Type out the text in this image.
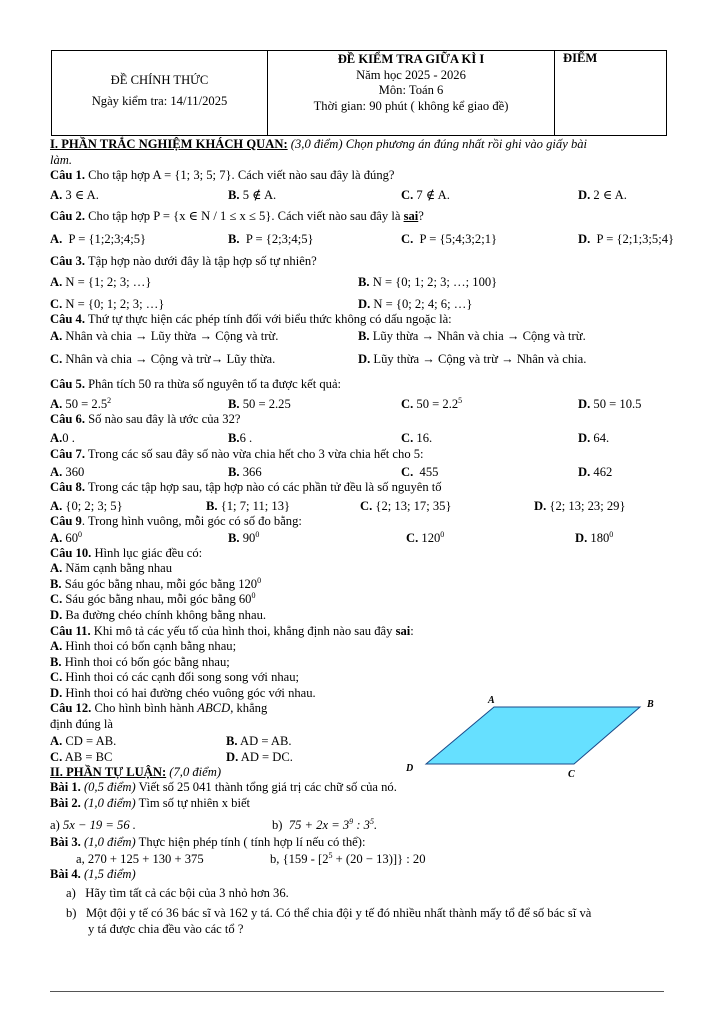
ĐỀ CHÍNH THỨC
Ngày kiểm tra: 14/11/2025

ĐỀ KIỂM TRA GIỮA KÌ I
Năm học 2025 - 2026
Môn: Toán 6
Thời gian: 90 phút ( không kể giao đề)
	ĐIỂM
I. PHẦN TRẮC NGHIỆM KHÁCH QUAN: (3,0 điểm) Chọn phương án đúng nhất rồi ghi vào giấy bài
làm.
Câu 1. Cho tập hợp A = {1; 3; 5; 7}. Cách viết nào sau đây là đúng?
A. 3 ∈ A.	B. 5 ∉ A.	C. 7 ∉ A.	D. 2 ∈ A.
Câu 2. Cho tập hợp P = {x ∈ N / 1 ≤ x ≤ 5}. Cách viết nào sau đây là sai?
A. P = {1;2;3;4;5}	B. P = {2;3;4;5}	C. P = {5;4;3;2;1}	D. P = {2;1;3;5;4}
Câu 3. Tập hợp nào dưới đây là tập hợp số tự nhiên?
A. N = {1; 2; 3; …}	B. N = {0; 1; 2; 3; …; 100}
C. N = {0; 1; 2; 3; …}	D. N = {0; 2; 4; 6; …}
Câu 4. Thứ tự thực hiện các phép tính đối với biểu thức không có dấu ngoặc là:
A. Nhân và chia → Lũy thừa → Cộng và trừ.	B. Lũy thừa → Nhân và chia → Cộng và trừ.
C. Nhân và chia → Cộng và trừ→ Lũy thừa.	D. Lũy thừa → Cộng và trừ → Nhân và chia.
Câu 5. Phân tích 50 ra thừa số nguyên tố ta được kết quả:
A. $50 = 2.5^2$	B. 50 = 2.25	C. $50 = 2.2^5$	D. 50 = 10.5
Câu 6. Số nào sau đây là ước của 32?
A.0 .	B.6 .	C. 16.	D. 64.
Câu 7. Trong các số sau đây số nào vừa chia hết cho 3 vừa chia hết cho 5:
A. 360	B. 366	C. 455	D. 462
Câu 8. Trong các tập hợp sau, tập hợp nào có các phần tử đều là số nguyên tố
A. {0; 2; 3; 5}	B. {1; 7; 11; 13}	C. {2; 13; 17; 35}	D. {2; 13; 23; 29}
Câu 9. Trong hình vuông, mỗi góc có số đo bằng:
A. $60^0$	B. $90^0$	C. $120^0$	D. $180^0$
Câu 10. Hình lục giác đều có:
A. Năm cạnh bằng nhau
B. Sáu góc bằng nhau, mỗi góc bằng $120^0$
C. Sáu góc bằng nhau, mỗi góc bằng $60^0$
D. Ba đường chéo chính không bằng nhau.
Câu 11. Khi mô tả các yếu tố của hình thoi, khẳng định nào sau đây sai:
A. Hình thoi có bốn cạnh bằng nhau;
B. Hình thoi có bốn góc bằng nhau;
C. Hình thoi có các cạnh đối song song với nhau;
D. Hình thoi có hai đường chéo vuông góc với nhau.
Câu 12. Cho hình bình hành ABCD, khẳng
định đúng là
A. CD = AB.	B. AD = AB.
C. AB = BC	D. AD = DC.
II. PHẦN TỰ LUẬN: (7,0 điểm)
Bài 1. (0,5 điểm) Viết số 25 041 thành tổng giá trị các chữ số của nó.
Bài 2. (1,0 điểm) Tìm số tự nhiên x biết
a) 5x − 19 = 56 .	b) $75 + 2x = 3^9$ : $3^5$.
Bài 3. (1,0 điểm) Thực hiện phép tính ( tính hợp lí nếu có thể):
a, 270 + 125 + 130 + 375	b, $\{159 - [2^5 + (20 - 13)]\}$ : 20
Bài 4. (1,5 điểm)
a) Hãy tìm tất cả các bội của 3 nhỏ hơn 36.
b) Một đội y tế có 36 bác sĩ và 162 y tá. Có thể chia đội y tế đó nhiều nhất thành mấy tổ để số bác sĩ và
y tá được chia đều vào các tổ ?
A	B
C
D
